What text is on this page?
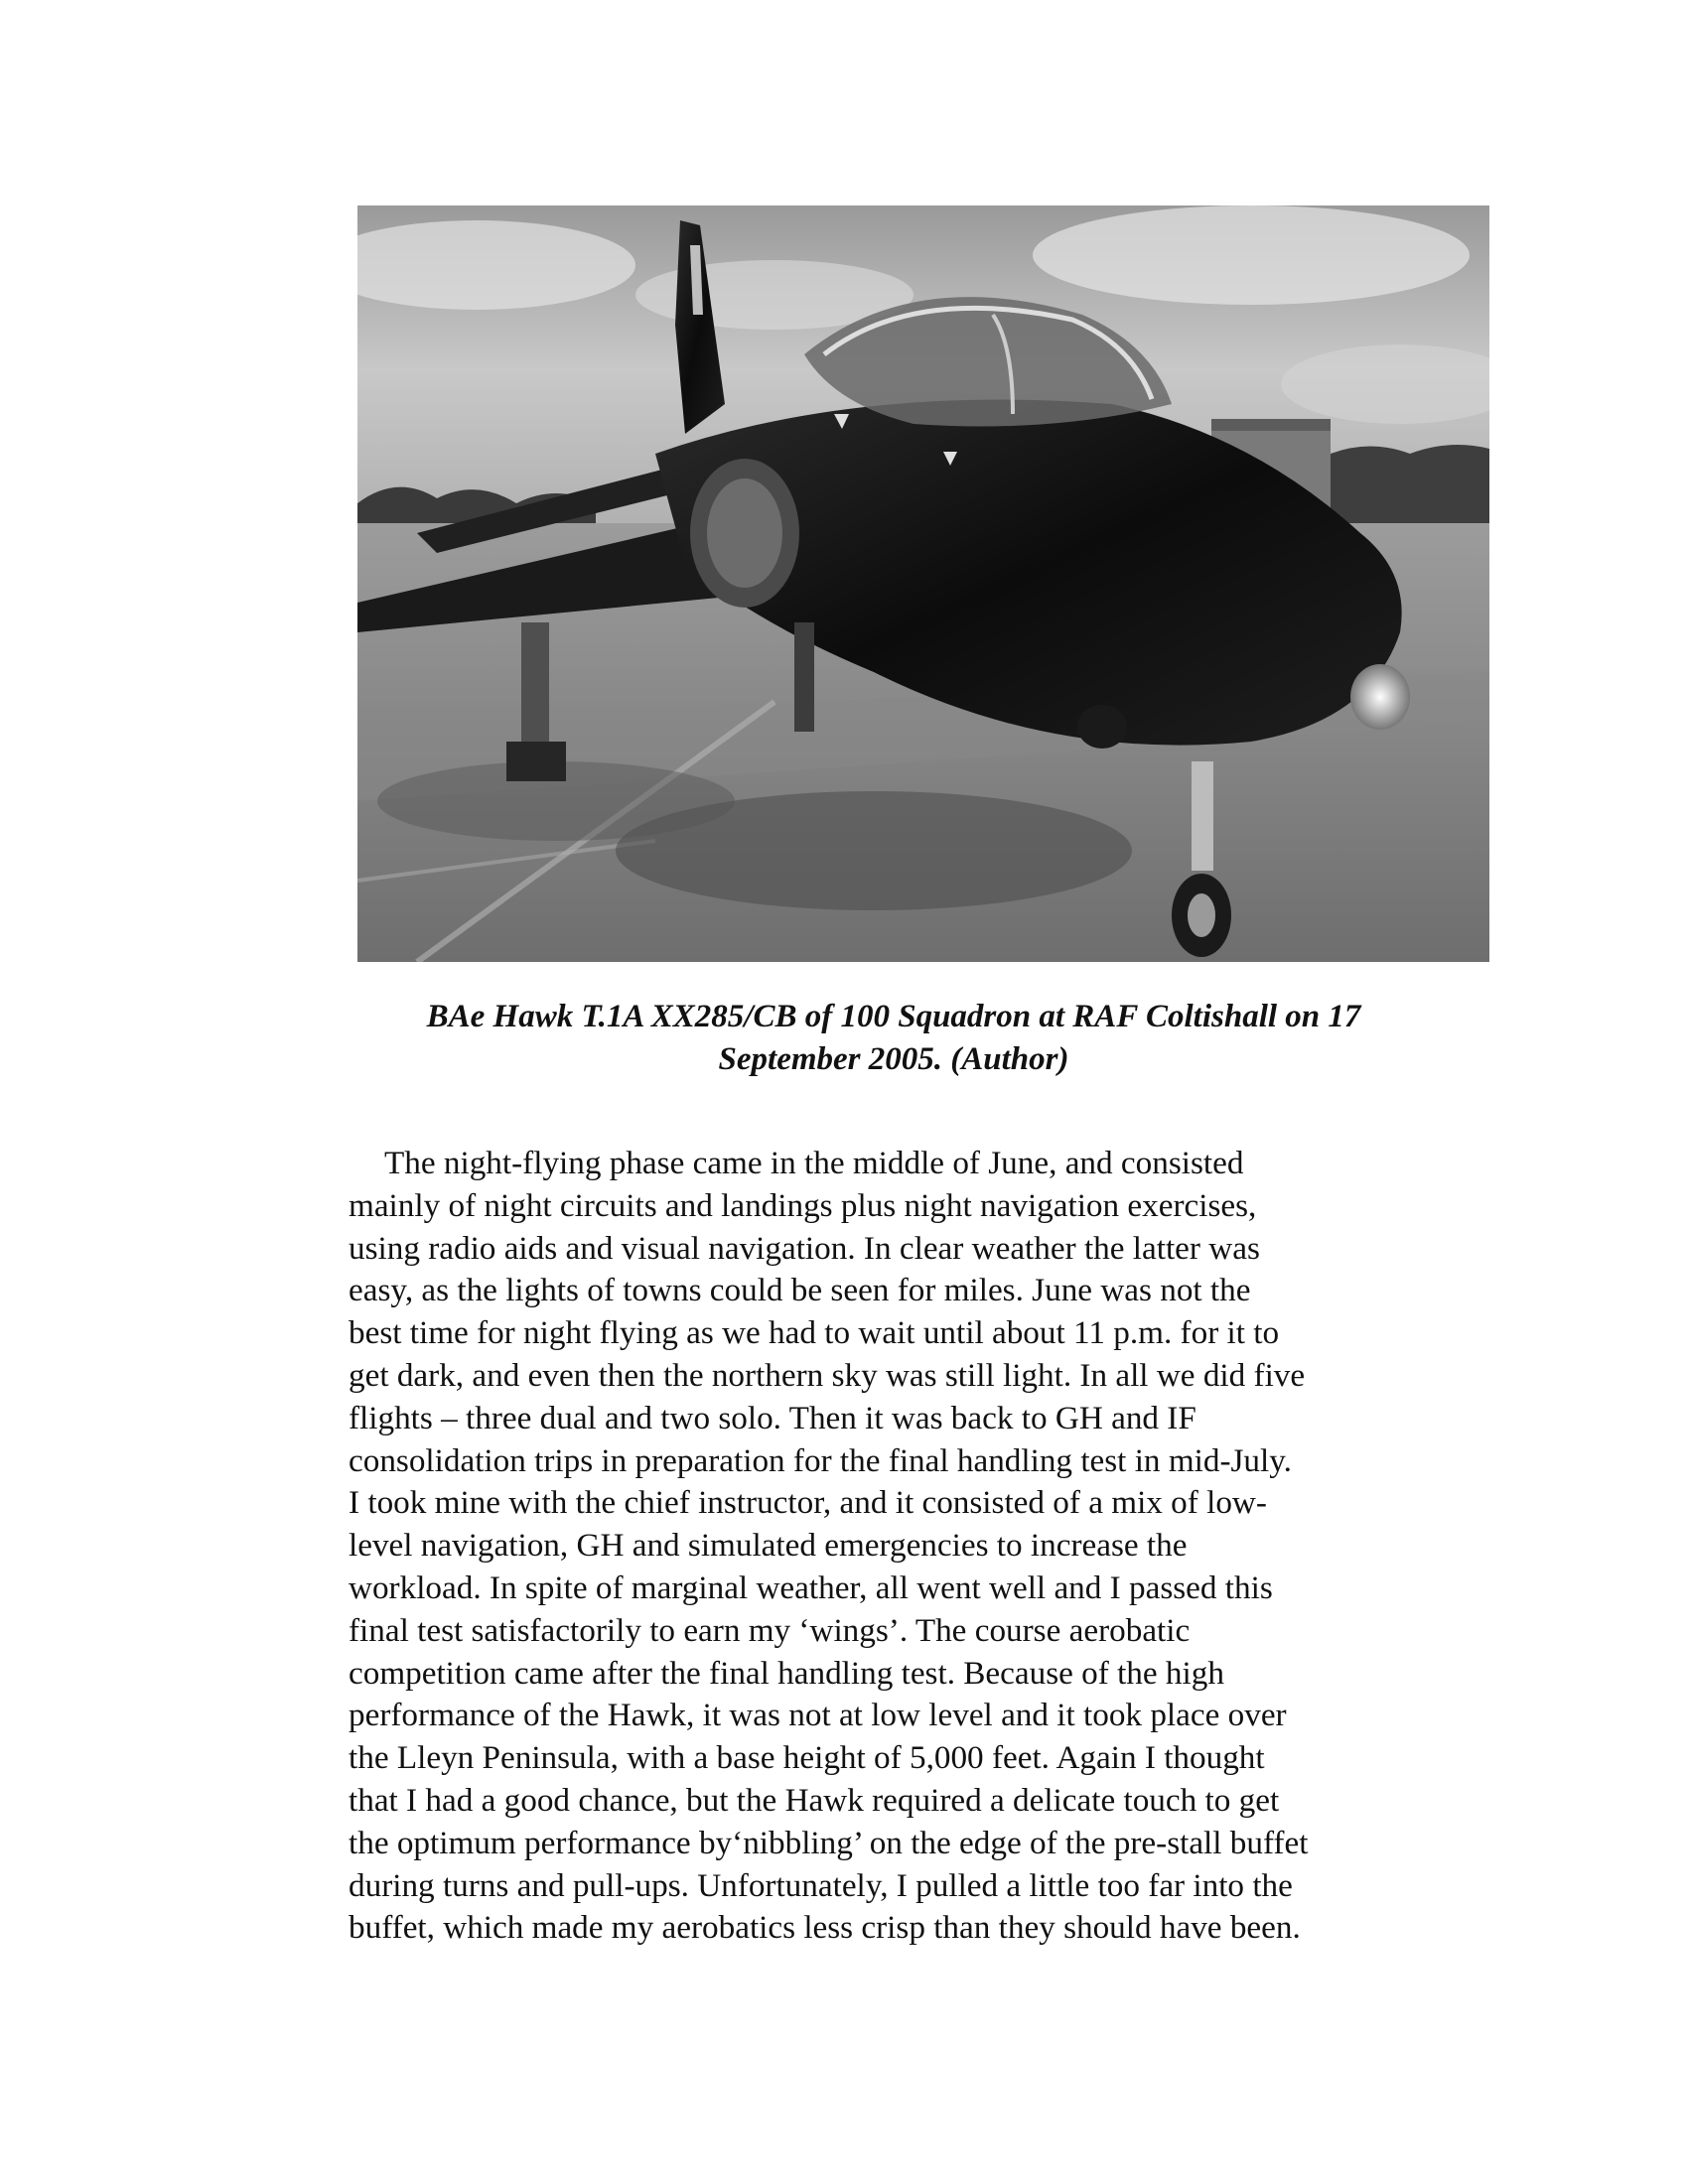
BAe Hawk T.1A XX285/CB of 100 Squadron at RAF Coltishall on 17

September 2005. (Author)

The night-flying phase came in the middle of June, and consisted
mainly of night circuits and landings plus night navigation exercises,
using radio aids and visual navigation. In clear weather the latter was
easy, as the lights of towns could be seen for miles. June was not the
best time for night flying as we had to wait until about 11 p.m. for it to
get dark, and even then the northern sky was still light. In all we did five
flights – three dual and two solo. Then it was back to GH and IF
consolidation trips in preparation for the final handling test in mid-July.
I took mine with the chief instructor, and it consisted of a mix of low-
level navigation, GH and simulated emergencies to increase the
workload. In spite of marginal weather, all went well and I passed this
final test satisfactorily to earn my ‘wings’. The course aerobatic
competition came after the final handling test. Because of the high
performance of the Hawk, it was not at low level and it took place over
the Lleyn Peninsula, with a base height of 5,000 feet. Again I thought
that I had a good chance, but the Hawk required a delicate touch to get
the optimum performance by‘nibbling’ on the edge of the pre-stall buffet
during turns and pull-ups. Unfortunately, I pulled a little too far into the
buffet, which made my aerobatics less crisp than they should have been.
